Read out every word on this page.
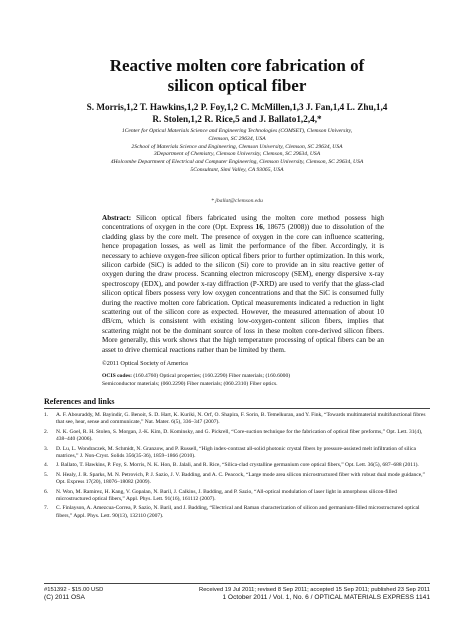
Reactive molten core fabrication of
silicon optical fiber
S. Morris,1,2 T. Hawkins,1,2 P. Foy,1,2 C. McMillen,1,3 J. Fan,1,4 L. Zhu,1,4
R. Stolen,1,2 R. Rice,5 and J. Ballato1,2,4,*
1Center for Optical Materials Science and Engineering Technologies (COMSET), Clemson University,
Clemson, SC 29634, USA
2School of Materials Science and Engineering, Clemson University, Clemson, SC 29634, USA
3Department of Chemistry, Clemson University, Clemson, SC 29634, USA
4Holcombe Department of Electrical and Computer Engineering, Clemson University, Clemson, SC 29634, USA
5Consultant, Simi Valley, CA 93065, USA
* jballat@clemson.edu
Abstract: Silicon optical fibers fabricated using the molten core method possess high concentrations of oxygen in the core (Opt. Express 16, 18675 (2008)) due to dissolution of the cladding glass by the core melt. The presence of oxygen in the core can influence scattering, hence propagation losses, as well as limit the performance of the fiber. Accordingly, it is necessary to achieve oxygen-free silicon optical fibers prior to further optimization. In this work, silicon carbide (SiC) is added to the silicon (Si) core to provide an in situ reactive getter of oxygen during the draw process. Scanning electron microscopy (SEM), energy dispersive x-ray spectroscopy (EDX), and powder x-ray diffraction (P-XRD) are used to verify that the glass-clad silicon optical fibers possess very low oxygen concentrations and that the SiC is consumed fully during the reactive molten core fabrication. Optical measurements indicated a reduction in light scattering out of the silicon core as expected. However, the measured attenuation of about 10 dB/cm, which is consistent with existing low-oxygen-content silicon fibers, implies that scattering might not be the dominant source of loss in these molten core-derived silicon fibers. More generally, this work shows that the high temperature processing of optical fibers can be an asset to drive chemical reactions rather than be limited by them.
©2011 Optical Society of America
OCIS codes: (160.4760) Optical properties; (160.2290) Fiber materials; (160.6000)
Semiconductor materials; (060.2290) Fiber materials; (060.2310) Fiber optics.
References and links
1.	A. F. Abouraddy, M. Bayindir, G. Benoit, S. D. Hart, K. Kuriki, N. Orf, O. Shapira, F. Sorin, B. Temelkuran, and Y. Fink, “Towards multimaterial multifunctional fibres that see, hear, sense and communicate,” Nat. Mater. 6(5), 336–347 (2007).
2.	N. K. Goel, R. H. Stolen, S. Morgan, J.-K. Kim, D. Kominsky, and G. Pickrell, “Core-suction technique for the fabrication of optical fiber preforms,” Opt. Lett. 31(4), 438–440 (2006).
3.	D. Lu, L. Wondraczek, M. Schmidt, N. Granzow, and P. Russell, “High index-contrast all-solid photonic crystal fibers by pressure-assisted melt infiltration of silica matrices,” J. Non-Cryst. Solids 356(35-36), 1859–1866 (2010).
4.	J. Ballato, T. Hawkins, P. Foy, S. Morris, N. K. Hon, B. Jalali, and R. Rice, “Silica-clad crystalline germanium core optical fibers,” Opt. Lett. 36(5), 687–688 (2011).
5.	N. Healy, J. R. Sparks, M. N. Petrovich, P. J. Sazio, J. V. Badding, and A. C. Peacock, “Large mode area silicon microstructured fiber with robust dual mode guidance,” Opt. Express 17(20), 18076–18082 (2009).
6.	N. Won, M. Ramirez, H. Kang, V. Gopalan, N. Baril, J. Calkins, J. Badding, and P. Sazio, “All-optical modulation of laser light in amorphous silicon-filled microstructured optical fibers,” Appl. Phys. Lett. 91(16), 161112 (2007).
7.	C. Finlayson, A. Amezcua-Correa, P. Sazio, N. Baril, and J. Badding, “Electrical and Raman characterization of silicon and germanium-filled microstructured optical fibers,” Appl. Phys. Lett. 90(13), 132110 (2007).
#151392 - $15.00 USD	Received 19 Jul 2011; revised 8 Sep 2011; accepted 15 Sep 2011; published 23 Sep 2011
(C) 2011 OSA	1 October 2011 / Vol. 1, No. 6 / OPTICAL MATERIALS EXPRESS 1141
